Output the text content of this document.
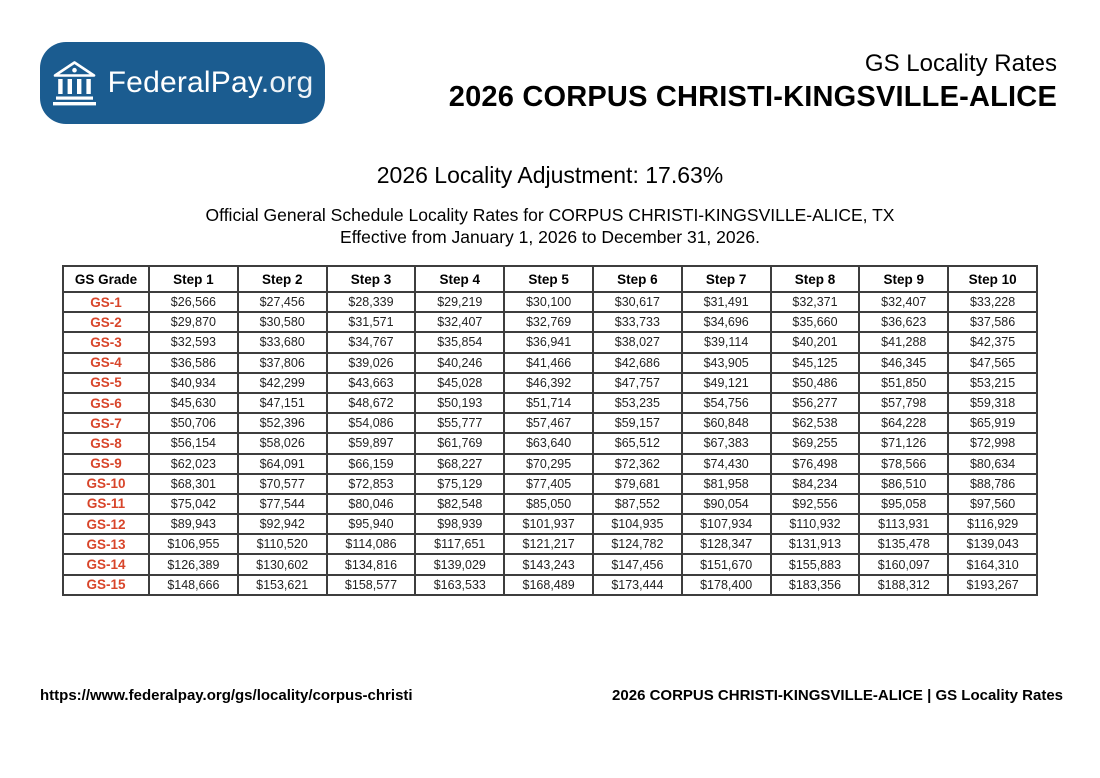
FederalPay.org
GS Locality Rates
2026 CORPUS CHRISTI-KINGSVILLE-ALICE
2026 Locality Adjustment: 17.63%
Official General Schedule Locality Rates for CORPUS CHRISTI-KINGSVILLE-ALICE, TX
Effective from January 1, 2026 to December 31, 2026.
GS Grade	Step 1	Step 2	Step 3	Step 4	Step 5	Step 6	Step 7	Step 8	Step 9	Step 10
GS-1	$26,566	$27,456	$28,339	$29,219	$30,100	$30,617	$31,491	$32,371	$32,407	$33,228
GS-2	$29,870	$30,580	$31,571	$32,407	$32,769	$33,733	$34,696	$35,660	$36,623	$37,586
GS-3	$32,593	$33,680	$34,767	$35,854	$36,941	$38,027	$39,114	$40,201	$41,288	$42,375
GS-4	$36,586	$37,806	$39,026	$40,246	$41,466	$42,686	$43,905	$45,125	$46,345	$47,565
GS-5	$40,934	$42,299	$43,663	$45,028	$46,392	$47,757	$49,121	$50,486	$51,850	$53,215
GS-6	$45,630	$47,151	$48,672	$50,193	$51,714	$53,235	$54,756	$56,277	$57,798	$59,318
GS-7	$50,706	$52,396	$54,086	$55,777	$57,467	$59,157	$60,848	$62,538	$64,228	$65,919
GS-8	$56,154	$58,026	$59,897	$61,769	$63,640	$65,512	$67,383	$69,255	$71,126	$72,998
GS-9	$62,023	$64,091	$66,159	$68,227	$70,295	$72,362	$74,430	$76,498	$78,566	$80,634
GS-10	$68,301	$70,577	$72,853	$75,129	$77,405	$79,681	$81,958	$84,234	$86,510	$88,786
GS-11	$75,042	$77,544	$80,046	$82,548	$85,050	$87,552	$90,054	$92,556	$95,058	$97,560
GS-12	$89,943	$92,942	$95,940	$98,939	$101,937	$104,935	$107,934	$110,932	$113,931	$116,929
GS-13	$106,955	$110,520	$114,086	$117,651	$121,217	$124,782	$128,347	$131,913	$135,478	$139,043
GS-14	$126,389	$130,602	$134,816	$139,029	$143,243	$147,456	$151,670	$155,883	$160,097	$164,310
GS-15	$148,666	$153,621	$158,577	$163,533	$168,489	$173,444	$178,400	$183,356	$188,312	$193,267
https://www.federalpay.org/gs/locality/corpus-christi	2026 CORPUS CHRISTI-KINGSVILLE-ALICE | GS Locality Rates
